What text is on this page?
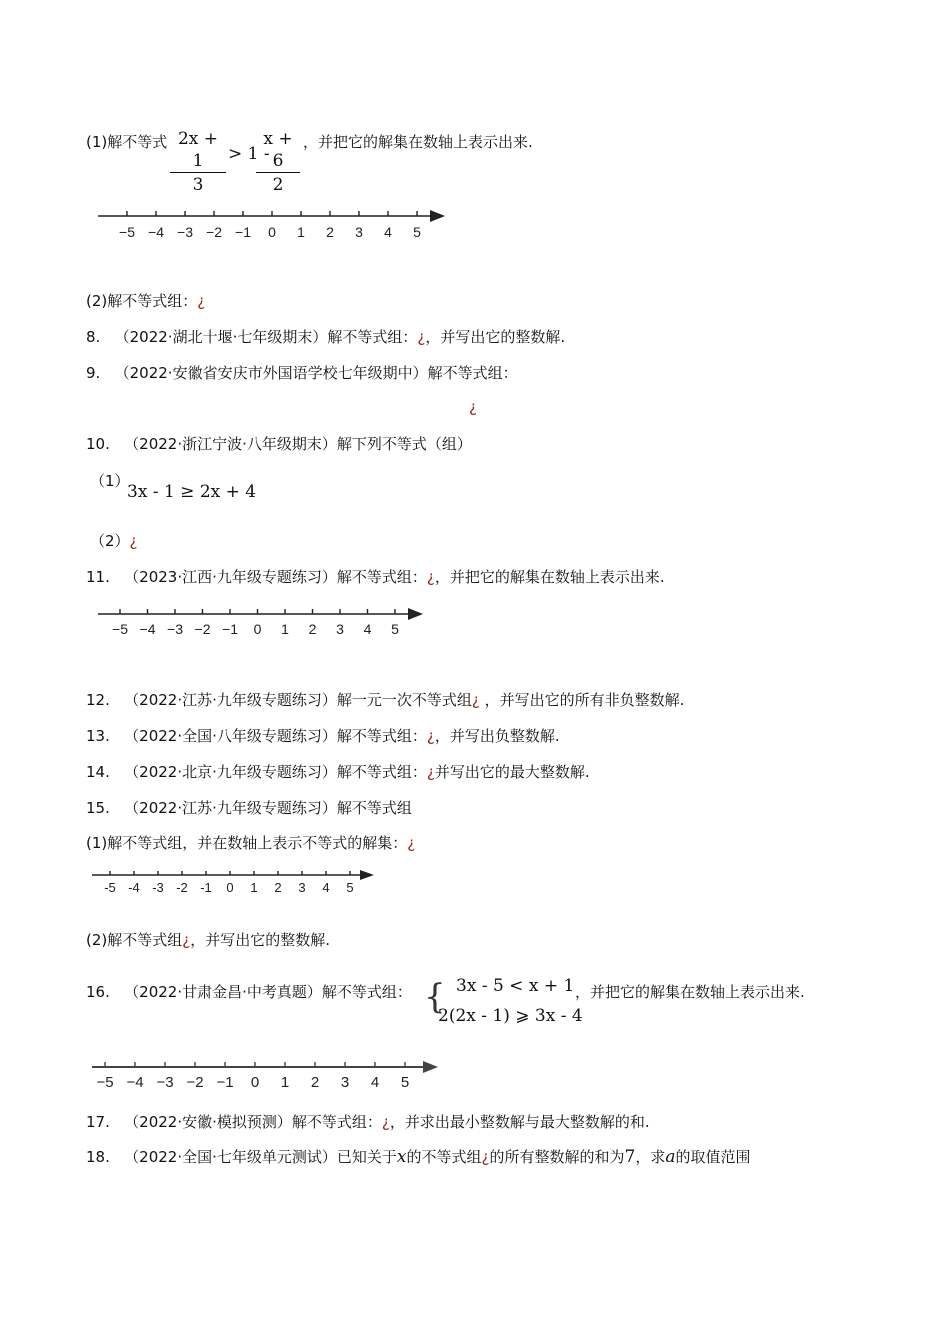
(1)解不等式 $\frac{2x + 1}{3} > 1$ -
$\frac{x + 6}{2}$ ，并把它的解集在数轴上表示出来.
−5 −4 −3 −2 −1 0 1 2 3 4 5
(2)解不等式组：¿
8. （2022·湖北十堰·七年级期末）解不等式组：¿，并写出它的整数解.
9. （2022·安徽省安庆市外国语学校七年级期中）解不等式组：
¿
10. （2022·浙江宁波·八年级期末）解下列不等式（组）
（1）
3x - 1 ≥ 2x + 4
（2）¿
11. （2023·江西·九年级专题练习）解不等式组：¿，并把它的解集在数轴上表示出来.
−5 −4 −3 −2 −1 0 1 2 3 4 5
12. （2022·江苏·九年级专题练习）解一元一次不等式组¿ ，并写出它的所有非负整数解.
13. （2022·全国·八年级专题练习）解不等式组：¿，并写出负整数解.
14. （2022·北京·九年级专题练习）解不等式组：¿并写出它的最大整数解.
15. （2022·江苏·九年级专题练习）解不等式组
(1)解不等式组，并在数轴上表示不等式的解集：¿
-5 -4 -3 -2 -1 0 1 2 3 4 5
(2)解不等式组¿，并写出它的整数解.
16. （2022·甘肃金昌·中考真题）解不等式组： { 3x - 5 < x + 1
2(2x - 1) ⩾ 3x - 4
，并把它的解集在数轴上表示出来.
−5 −4 −3 −2 −1 0 1 2 3 4 5
17. （2022·安徽·模拟预测）解不等式组：¿，并求出最小整数解与最大整数解的和.
18. （2022·全国·七年级单元测试）已知关于x的不等式组¿的所有整数解的和为7，求a的取值范围
